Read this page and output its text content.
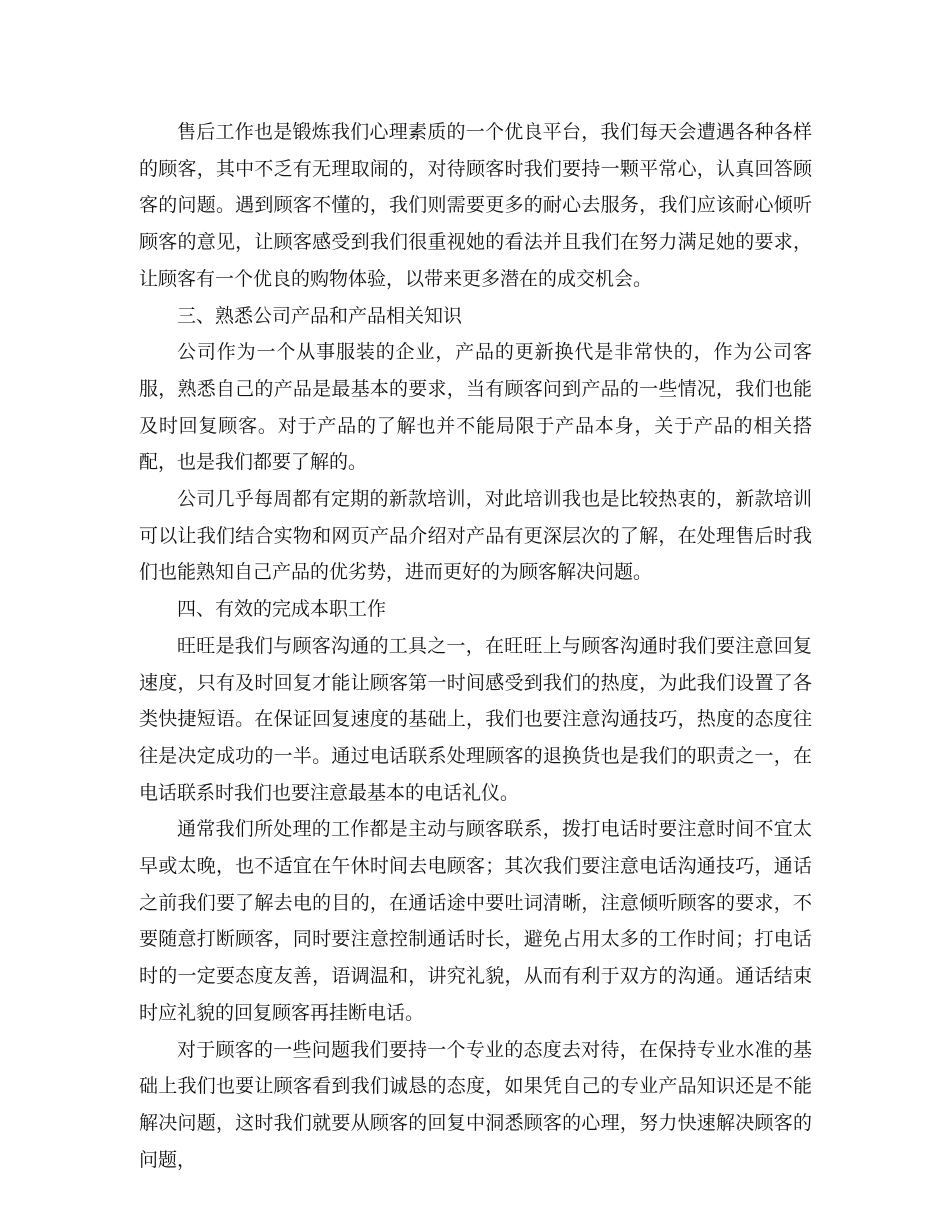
售后工作也是锻炼我们心理素质的一个优良平台，我们每天会遭遇各种各样的顾客，其中不乏有无理取闹的，对待顾客时我们要持一颗平常心，认真回答顾客的问题。遇到顾客不懂的，我们则需要更多的耐心去服务，我们应该耐心倾听顾客的意见，让顾客感受到我们很重视她的看法并且我们在努力满足她的要求，让顾客有一个优良的购物体验，以带来更多潜在的成交机会。

三、熟悉公司产品和产品相关知识

公司作为一个从事服装的企业，产品的更新换代是非常快的，作为公司客服，熟悉自己的产品是最基本的要求，当有顾客问到产品的一些情况，我们也能及时回复顾客。对于产品的了解也并不能局限于产品本身，关于产品的相关搭配，也是我们都要了解的。

公司几乎每周都有定期的新款培训，对此培训我也是比较热衷的，新款培训可以让我们结合实物和网页产品介绍对产品有更深层次的了解，在处理售后时我们也能熟知自己产品的优劣势，进而更好的为顾客解决问题。

四、有效的完成本职工作

旺旺是我们与顾客沟通的工具之一，在旺旺上与顾客沟通时我们要注意回复速度，只有及时回复才能让顾客第一时间感受到我们的热度，为此我们设置了各类快捷短语。在保证回复速度的基础上，我们也要注意沟通技巧，热度的态度往往是决定成功的一半。通过电话联系处理顾客的退换货也是我们的职责之一，在电话联系时我们也要注意最基本的电话礼仪。

通常我们所处理的工作都是主动与顾客联系，拨打电话时要注意时间不宜太早或太晚，也不适宜在午休时间去电顾客；其次我们要注意电话沟通技巧，通话之前我们要了解去电的目的，在通话途中要吐词清晰，注意倾听顾客的要求，不要随意打断顾客，同时要注意控制通话时长，避免占用太多的工作时间；打电话时的一定要态度友善，语调温和，讲究礼貌，从而有利于双方的沟通。通话结束时应礼貌的回复顾客再挂断电话。

对于顾客的一些问题我们要持一个专业的态度去对待，在保持专业水准的基础上我们也要让顾客看到我们诚恳的态度，如果凭自己的专业产品知识还是不能解决问题，这时我们就要从顾客的回复中洞悉顾客的心理，努力快速解决顾客的问题，
